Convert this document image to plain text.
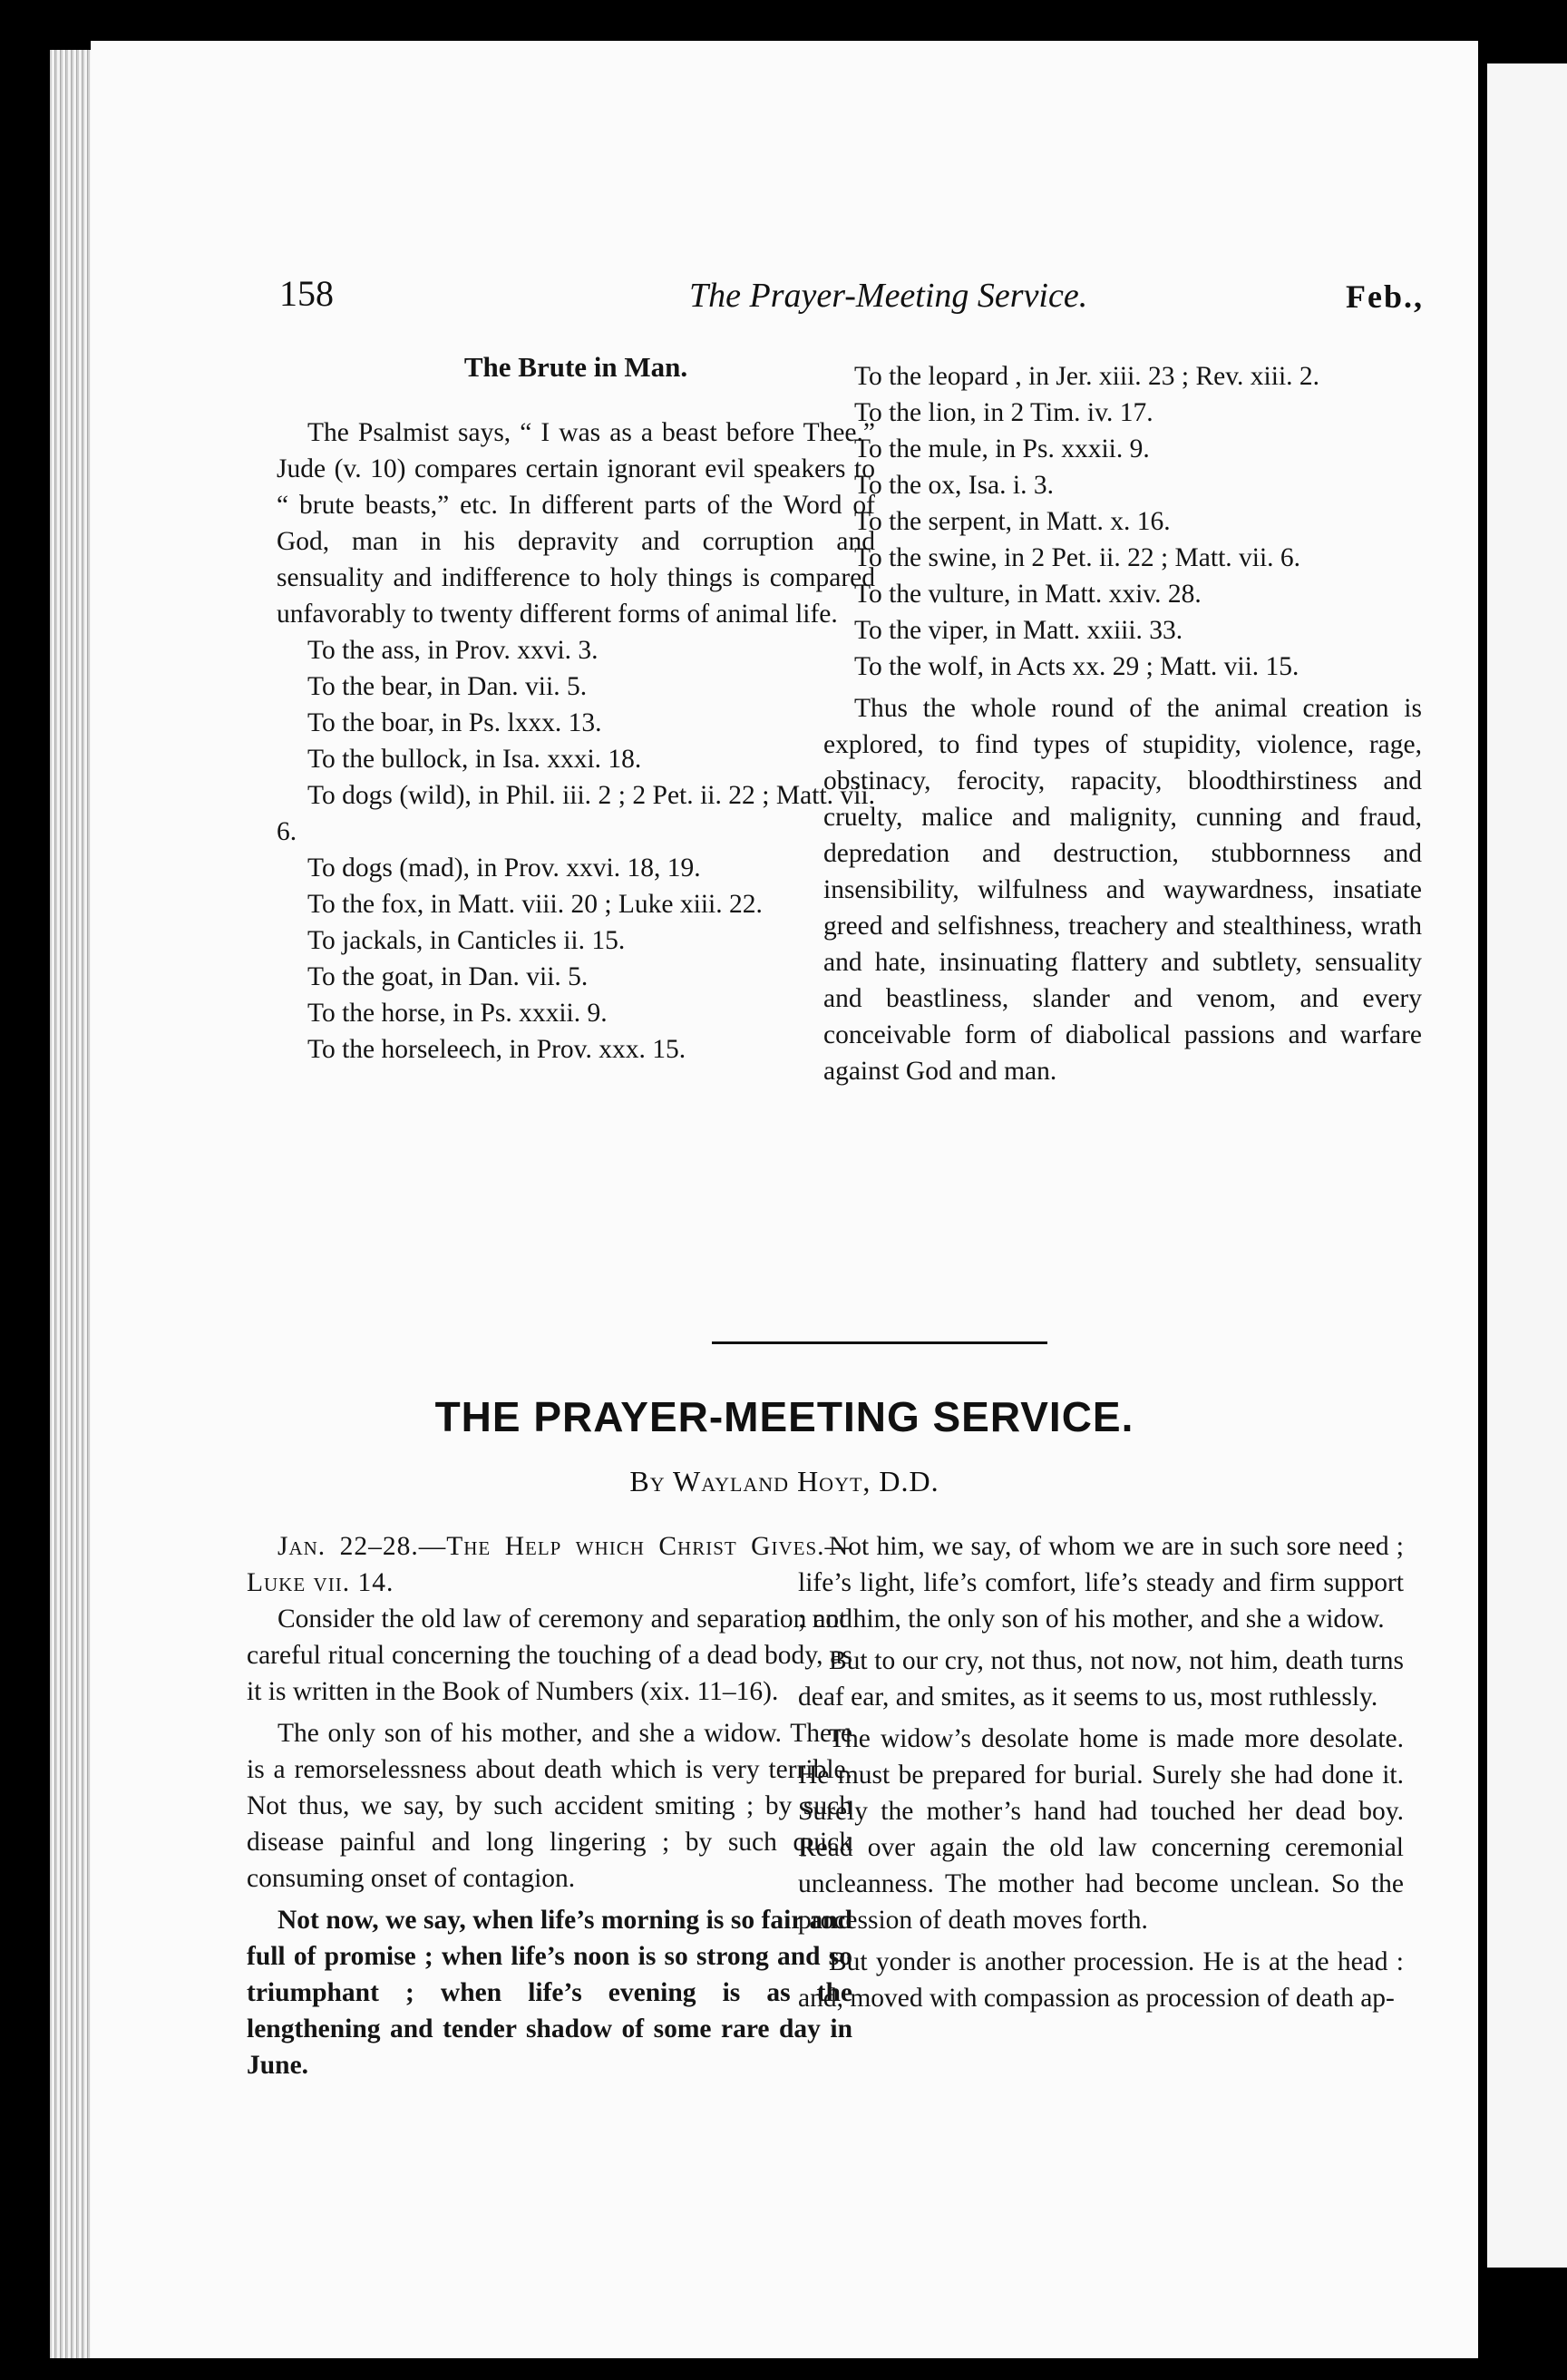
158	The Prayer-Meeting Service.	Feb.,

The Brute in Man.

The Psalmist says, “ I was as a beast before Thee.” Jude (v. 10) compares certain ignorant evil speakers to “ brute beasts,” etc. In different parts of the Word of God, man in his depravity and corruption and sensuality and indifference to holy things is compared unfavorably to twenty different forms of animal life.

To the ass, in Prov. xxvi. 3.

To the bear, in Dan. vii. 5.

To the boar, in Ps. lxxx. 13.

To the bullock, in Isa. xxxi. 18.

To dogs (wild), in Phil. iii. 2 ; 2 Pet. ii. 22 ; Matt. vii. 6.

To dogs (mad), in Prov. xxvi. 18, 19.

To the fox, in Matt. viii. 20 ; Luke xiii. 22.

To jackals, in Canticles ii. 15.

To the goat, in Dan. vii. 5.

To the horse, in Ps. xxxii. 9.

To the horseleech, in Prov. xxx. 15.

To the leopard , in Jer. xiii. 23 ; Rev. xiii. 2.

To the lion, in 2 Tim. iv. 17.

To the mule, in Ps. xxxii. 9.

To the ox, Isa. i. 3.

To the serpent, in Matt. x. 16.

To the swine, in 2 Pet. ii. 22 ; Matt. vii. 6.

To the vulture, in Matt. xxiv. 28.

To the viper, in Matt. xxiii. 33.

To the wolf, in Acts xx. 29 ; Matt. vii. 15.

Thus the whole round of the animal creation is explored, to find types of stupidity, violence, rage, obstinacy, ferocity, rapacity, bloodthirstiness and cruelty, malice and malignity, cunning and fraud, depredation and destruction, stubbornness and insensibility, wilfulness and waywardness, insatiate greed and selfishness, treachery and stealthiness, wrath and hate, insinuating flattery and subtlety, sensuality and beastliness, slander and venom, and every conceivable form of diabolical passions and warfare against God and man.

THE PRAYER-MEETING SERVICE.
By Wayland Hoyt, D.D.

Jan. 22–28.—The Help which Christ Gives.—Luke vii. 14.

Consider the old law of ceremony and separation and careful ritual concerning the touching of a dead body, as it is written in the Book of Numbers (xix. 11–16).

The only son of his mother, and she a widow. There is a remorselessness about death which is very terrible. Not thus, we say, by such accident smiting ; by such disease painful and long lingering ; by such quick consuming onset of contagion.

Not now, we say, when life’s morning is so fair and full of promise ; when life’s noon is so strong and so triumphant ; when life’s evening is as the lengthening and tender shadow of some rare day in June.

Not him, we say, of whom we are in such sore need ; life’s light, life’s comfort, life’s steady and firm support ; not him, the only son of his mother, and she a widow.

But to our cry, not thus, not now, not him, death turns deaf ear, and smites, as it seems to us, most ruthlessly.

The widow’s desolate home is made more desolate. He must be prepared for burial. Surely she had done it. Surely the mother’s hand had touched her dead boy. Read over again the old law concerning ceremonial uncleanness. The mother had become unclean. So the procession of death moves forth.

But yonder is another procession. He is at the head : and, moved with compassion as procession of death ap-
